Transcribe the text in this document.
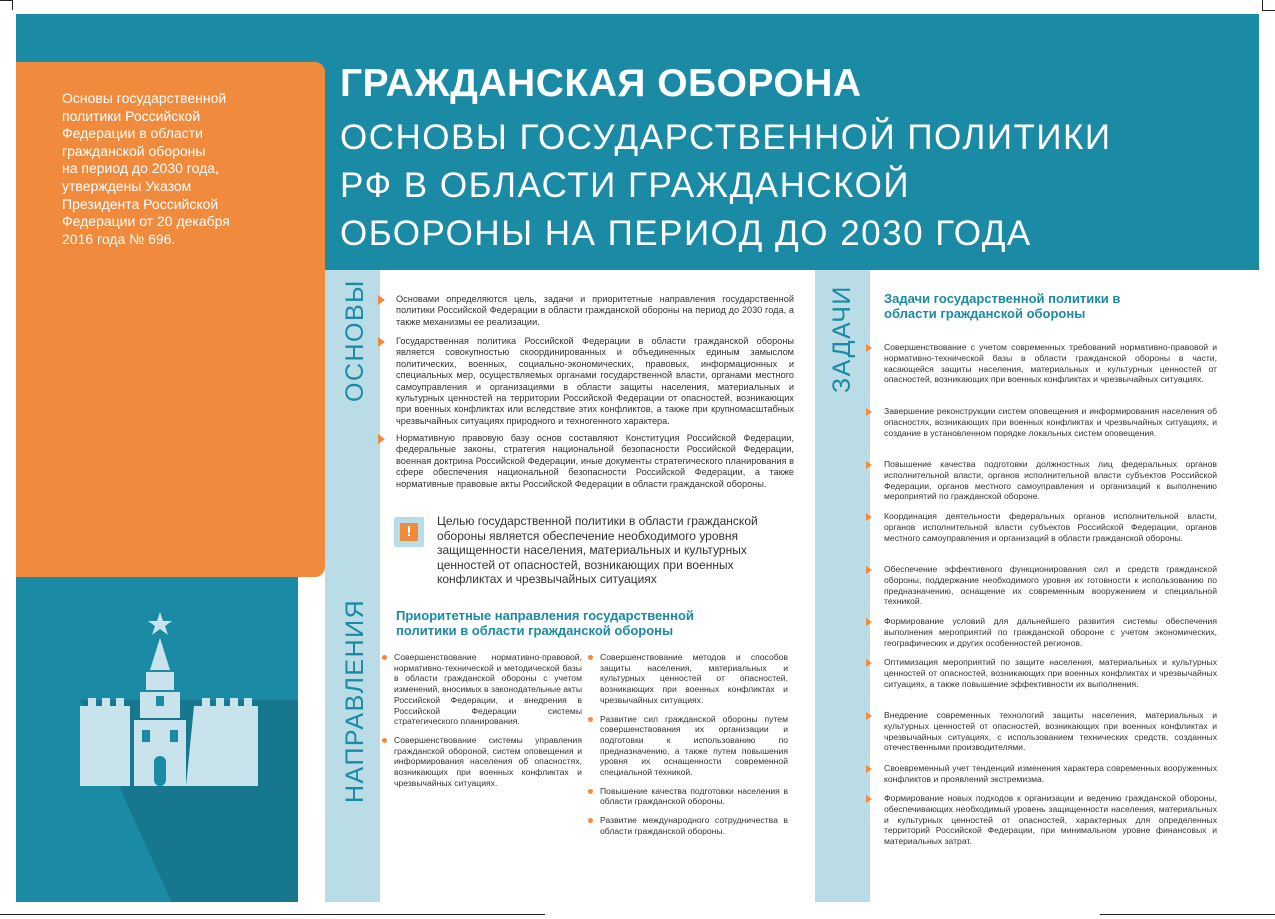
Основы государственной
политики Российской
Федерации в области
гражданской обороны
на период до 2030 года,
утверждены Указом
Президента Российской
Федерации от 20 декабря
2016 года № 696.
ГРАЖДАНСКАЯ ОБОРОНА
ОСНОВЫ ГОСУДАРСТВЕННОЙ ПОЛИТИКИ
РФ В ОБЛАСТИ ГРАЖДАНСКОЙ
ОБОРОНЫ НА ПЕРИОД ДО 2030 ГОДА
ОСНОВЫ
НАПРАВЛЕНИЯ
ЗАДАЧИ
Основами определяются цель, задачи и приоритетные направления государственной политики Российской Федерации в области гражданской обороны на период до 2030 года, а также механизмы ее реализации.
Государственная политика Российской Федерации в области гражданской обороны является совокупностью скоординированных и объединенных единым замыслом политических, военных, социально-экономических, правовых, информационных и специальных мер, осуществляемых органами государственной власти, органами местного самоуправления и организациями в области защиты населения, материальных и культурных ценностей на территории Российской Федерации от опасностей, возникающих при военных конфликтах или вследствие этих конфликтов, а также при крупномасштабных чрезвычайных ситуациях природного и техногенного характера.
Нормативную правовую базу основ составляют Конституция Российской Федерации, федеральные законы, стратегия национальной безопасности Российской Федерации, военная доктрина Российской Федерации, иные документы стратегического планирования в сфере обеспечения национальной безопасности Российской Федерации, а также нормативные правовые акты Российской Федерации в области гражданской обороны.
!
Целью государственной политики в области гражданской обороны является обеспечение необходимого уровня защищенности населения, материальных и культурных ценностей от опасностей, возникающих при военных конфликтах и чрезвычайных ситуациях
Приоритетные направления государственной политики в области гражданской обороны
Совершенствование нормативно-правовой, нормативно-технической и методической базы в области гражданской обороны с учетом изменений, вносимых в законодательные акты Российской Федерации, и внедрения в Российской Федерации системы стратегического планирования.
Совершенствование системы управления гражданской обороной, систем оповещения и информирования населения об опасностях, возникающих при военных конфликтах и чрезвычайных ситуациях.
Совершенствование методов и способов защиты населения, материальных и культурных ценностей от опасностей, возникающих при военных конфликтах и чрезвычайных ситуациях.
Развитие сил гражданской обороны путем совершенствования их организации и подготовки к использованию по предназначению, а также путем повышения уровня их оснащенности современной специальной техникой.
Повышение качества подготовки населения в области гражданской обороны.
Развитие международного сотрудничества в области гражданской обороны.
Задачи государственной политики в области гражданской обороны
Совершенствование с учетом современных требований нормативно-правовой и нормативно-технической базы в области гражданской обороны в части, касающейся защиты населения, материальных и культурных ценностей от опасностей, возникающих при военных конфликтах и чрезвычайных ситуациях.
Завершение реконструкции систем оповещения и информирования населения об опасностях, возникающих при военных конфликтах и чрезвычайных ситуациях, и создание в установленном порядке локальных систем оповещения.
Повышение качества подготовки должностных лиц федеральных органов исполнительной власти, органов исполнительной власти субъектов Российской Федерации, органов местного самоуправления и организаций к выполнению мероприятий по гражданской обороне.
Координация деятельности федеральных органов исполнительной власти, органов исполнительной власти субъектов Российской Федерации, органов местного самоуправления и организаций в области гражданской обороны.
Обеспечение эффективного функционирования сил и средств гражданской обороны, поддержание необходимого уровня их готовности к использованию по предназначению, оснащение их современным вооружением и специальной техникой.
Формирование условий для дальнейшего развития системы обеспечения выполнения мероприятий по гражданской обороне с учетом экономических, географических и других особенностей регионов.
Оптимизация мероприятий по защите населения, материальных и культурных ценностей от опасностей, возникающих при военных конфликтах и чрезвычайных ситуациях, а также повышение эффективности их выполнения.
Внедрение современных технологий защиты населения, материальных и культурных ценностей от опасностей, возникающих при военных конфликтах и чрезвычайных ситуациях, с использованием технических средств, созданных отечественными производителями.
Своевременный учет тенденций изменения характера современных вооруженных конфликтов и проявлений экстремизма.
Формирование новых подходов к организации и ведению гражданской обороны, обеспечивающих необходимый уровень защищенности населения, материальных и культурных ценностей от опасностей, характерных для определенных территорий Российской Федерации, при минимальном уровне финансовых и материальных затрат.
